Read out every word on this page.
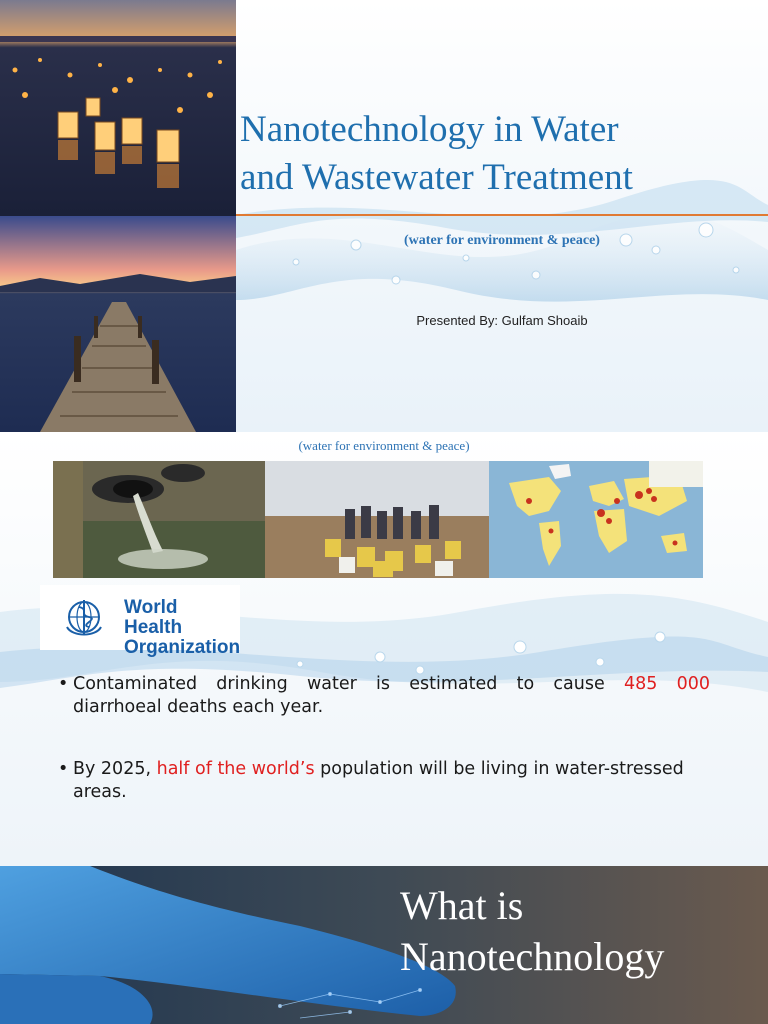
Nanotechnology in Water
and Wastewater Treatment
(water for environment & peace)
Presented By: Gulfam Shoaib
(water for environment & peace)
World Health
Organization
• Contaminated drinking water is estimated to cause 485 000
diarrhoeal deaths each year.
• By 2025, half of the world’s population will be living in water-stressed
areas.
What is
Nanotechnology
